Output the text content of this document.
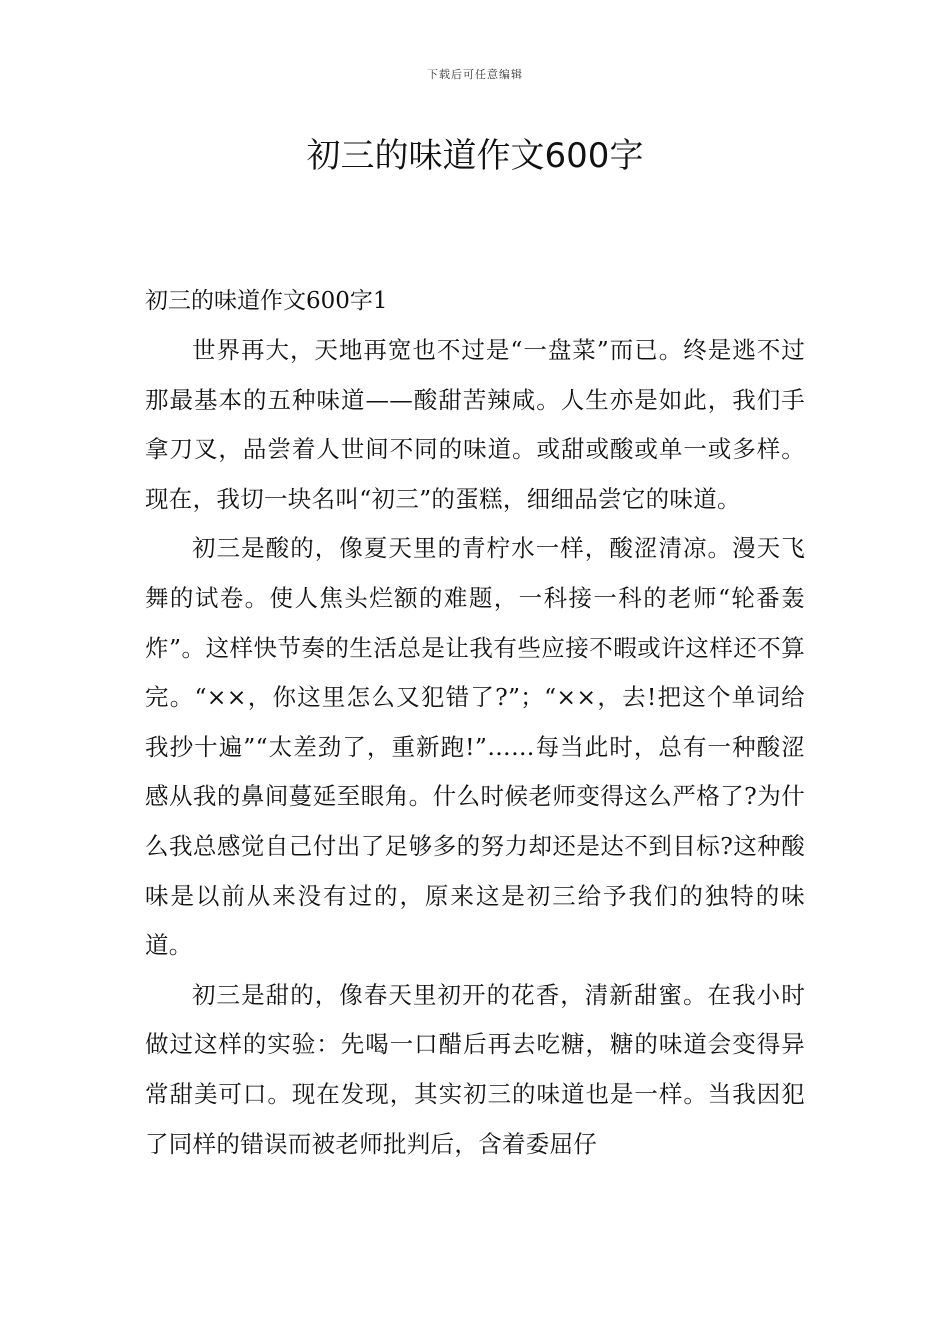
下载后可任意编辑
初三的味道作文600字
初三的味道作文600字1

世界再大，天地再宽也不过是“一盘菜”而已。终是逃不过那最基本的五种味道——酸甜苦辣咸。人生亦是如此，我们手拿刀叉，品尝着人世间不同的味道。或甜或酸或单一或多样。现在，我切一块名叫“初三”的蛋糕，细细品尝它的味道。

初三是酸的，像夏天里的青柠水一样，酸涩清凉。漫天飞舞的试卷。使人焦头烂额的难题，一科接一科的老师“轮番轰炸”。这样快节奏的生活总是让我有些应接不暇或许这样还不算完。“××，你这里怎么又犯错了?”；“××，去!把这个单词给我抄十遍”“太差劲了，重新跑!”……每当此时，总有一种酸涩感从我的鼻间蔓延至眼角。什么时候老师变得这么严格了?为什么我总感觉自己付出了足够多的努力却还是达不到目标?这种酸味是以前从来没有过的，原来这是初三给予我们的独特的味道。

初三是甜的，像春天里初开的花香，清新甜蜜。在我小时做过这样的实验：先喝一口醋后再去吃糖，糖的味道会变得异常甜美可口。现在发现，其实初三的味道也是一样。当我因犯了同样的错误而被老师批判后，含着委屈仔
